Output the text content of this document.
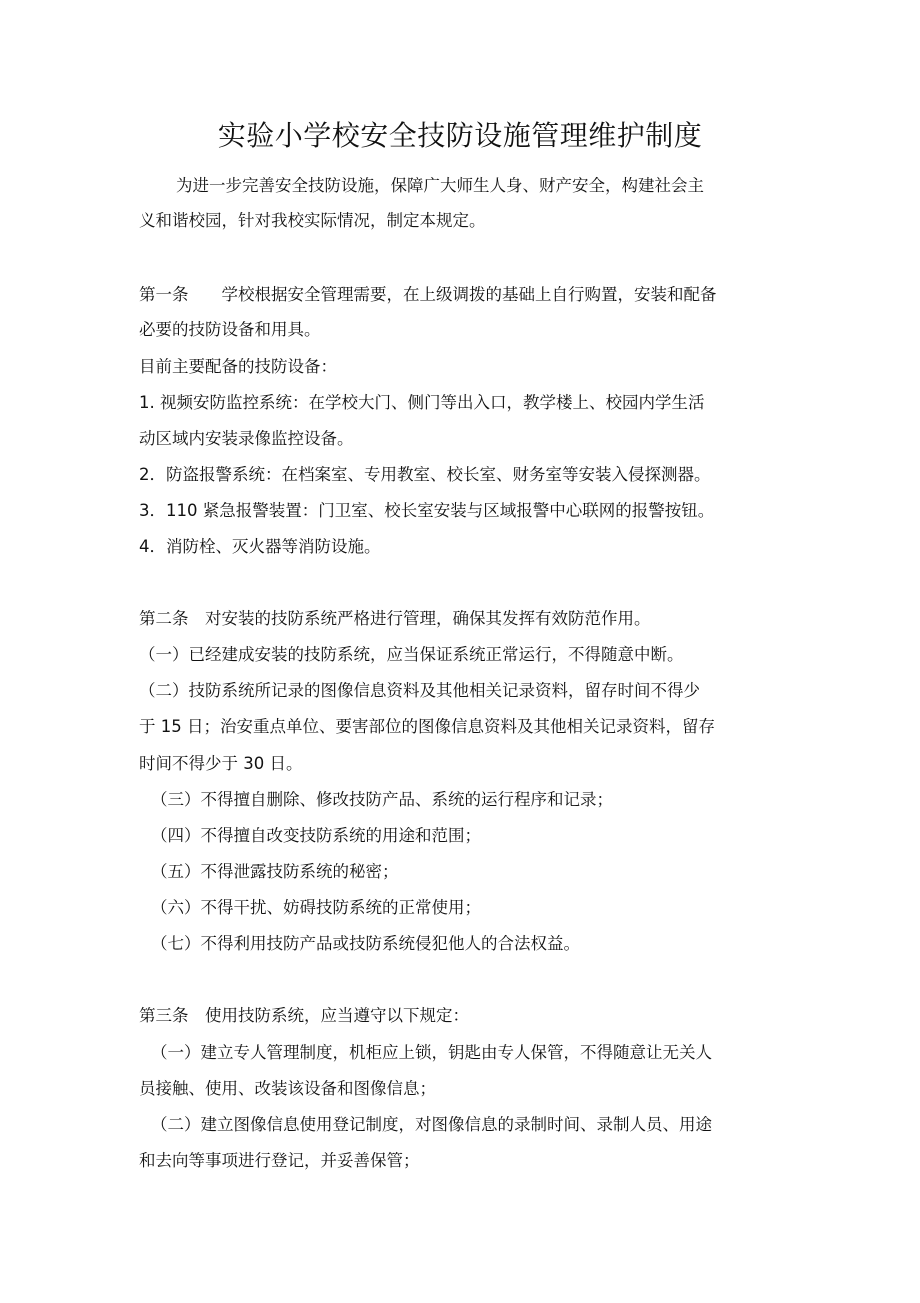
实验小学校安全技防设施管理维护制度
为进一步完善安全技防设施，保障广大师生人身、财产安全，构建社会主
义和谐校园，针对我校实际情况，制定本规定。
第一条　　学校根据安全管理需要，在上级调拨的基础上自行购置，安装和配备
必要的技防设备和用具。
目前主要配备的技防设备：
1. 视频安防监控系统：在学校大门、侧门等出入口，教学楼上、校园内学生活
动区域内安装录像监控设备。
2．防盗报警系统：在档案室、专用教室、校长室、财务室等安装入侵探测器。
3．110 紧急报警装置：门卫室、校长室安装与区域报警中心联网的报警按钮。
4．消防栓、灭火器等消防设施。
第二条　对安装的技防系统严格进行管理，确保其发挥有效防范作用。
（一）已经建成安装的技防系统，应当保证系统正常运行，不得随意中断。
（二）技防系统所记录的图像信息资料及其他相关记录资料，留存时间不得少
于 15 日；治安重点单位、要害部位的图像信息资料及其他相关记录资料，留存
时间不得少于 30 日。
（三）不得擅自删除、修改技防产品、系统的运行程序和记录；
（四）不得擅自改变技防系统的用途和范围；
（五）不得泄露技防系统的秘密；
（六）不得干扰、妨碍技防系统的正常使用；
（七）不得利用技防产品或技防系统侵犯他人的合法权益。
第三条　使用技防系统，应当遵守以下规定：
（一）建立专人管理制度，机柜应上锁，钥匙由专人保管，不得随意让无关人
员接触、使用、改装该设备和图像信息；
（二）建立图像信息使用登记制度，对图像信息的录制时间、录制人员、用途
和去向等事项进行登记，并妥善保管；
